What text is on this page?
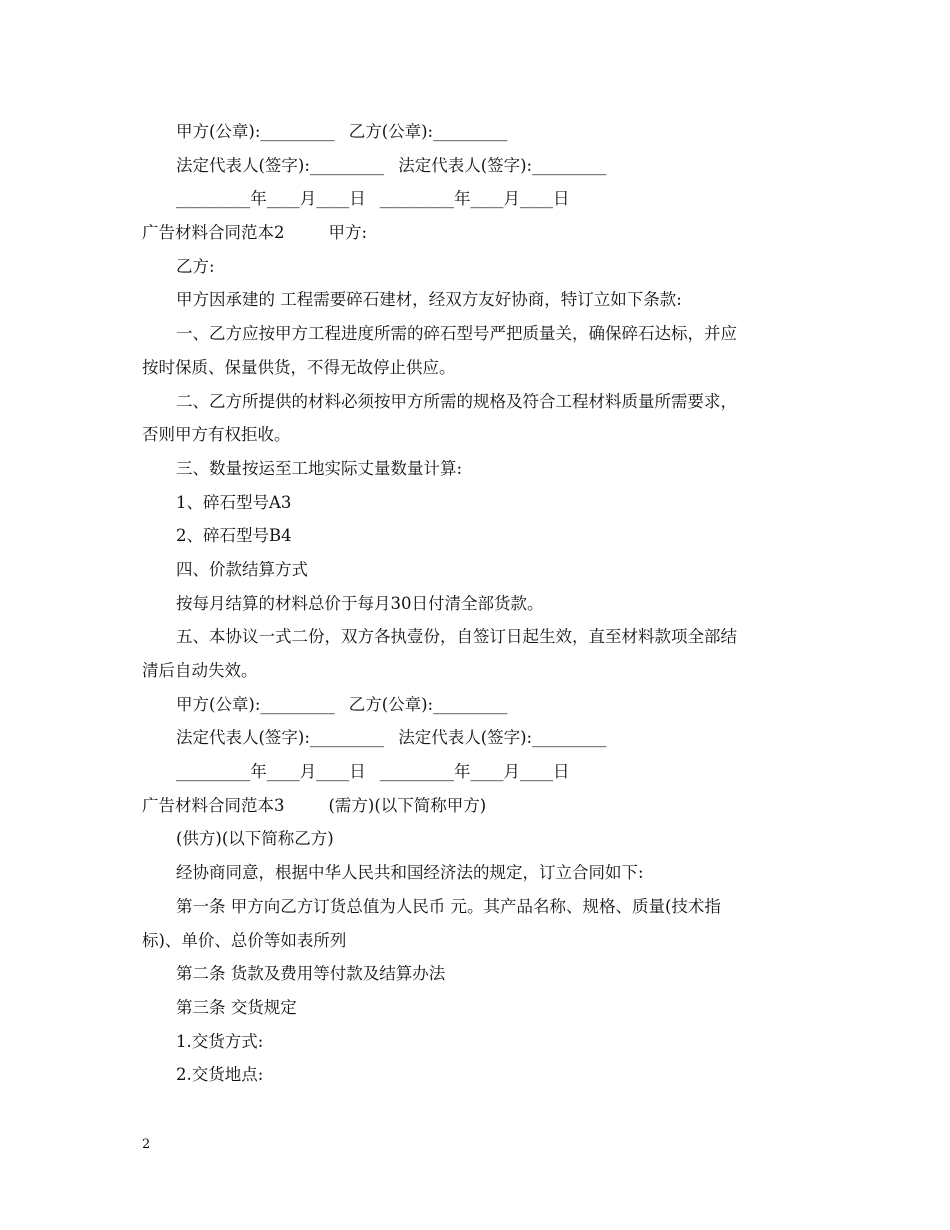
甲方(公章):_________ 乙方(公章):_________
法定代表人(签字):_________ 法定代表人(签字):_________
_________年____月____日 _________年____月____日
广告材料合同范本2	甲方:
乙方:
甲方因承建的 工程需要碎石建材，经双方友好协商，特订立如下条款:
一、乙方应按甲方工程进度所需的碎石型号严把质量关，确保碎石达标，并应
按时保质、保量供货，不得无故停止供应。
二、乙方所提供的材料必须按甲方所需的规格及符合工程材料质量所需要求，
否则甲方有权拒收。
三、数量按运至工地实际丈量数量计算:
1、碎石型号A3
2、碎石型号B4
四、价款结算方式
按每月结算的材料总价于每月30日付清全部货款。
五、本协议一式二份，双方各执壹份，自签订日起生效，直至材料款项全部结
清后自动失效。
甲方(公章):_________ 乙方(公章):_________
法定代表人(签字):_________ 法定代表人(签字):_________
_________年____月____日 _________年____月____日
广告材料合同范本3	(需方)(以下简称甲方)
(供方)(以下简称乙方)
经协商同意，根据中华人民共和国经济法的规定，订立合同如下:
第一条 甲方向乙方订货总值为人民币 元。其产品名称、规格、质量(技术指
标)、单价、总价等如表所列
第二条 货款及费用等付款及结算办法
第三条 交货规定
1.交货方式:
2.交货地点:
2
